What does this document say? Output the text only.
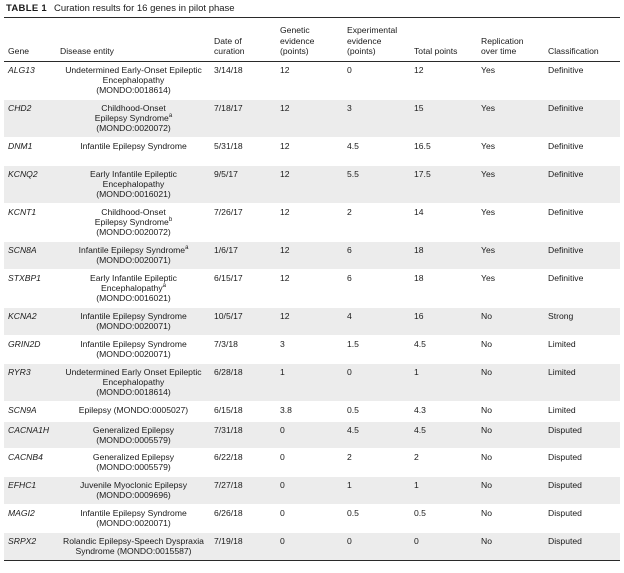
TABLE 1 Curation results for 16 genes in pilot phase
Gene	Disease entity	Date of curation	Genetic evidence (points)	Experimental evidence (points)	Total points	Replication over time	Classification
ALG13	Undetermined Early-Onset Epileptic
Encephalopathy
(MONDO:0018614)	3/14/18	12	0	12	Yes	Definitive
CHD2	Childhood-Onset
Epilepsy Syndrome$^a$
(MONDO:0020072)	7/18/17	12	3	15	Yes	Definitive
DNM1	Infantile Epilepsy Syndrome	5/31/18	12	4.5	16.5	Yes	Definitive
KCNQ2	Early Infantile Epileptic
Encephalopathy
(MONDO:0016021)	9/5/17	12	5.5	17.5	Yes	Definitive
KCNT1	Childhood-Onset
Epilepsy Syndrome$^b$
(MONDO:0020072)	7/26/17	12	2	14	Yes	Definitive
SCN8A	Infantile Epilepsy Syndrome$^a$
(MONDO:0020071)	1/6/17	12	6	18	Yes	Definitive
STXBP1	Early Infantile Epileptic
Encephalopathy$^a$
(MONDO:0016021)	6/15/17	12	6	18	Yes	Definitive
KCNA2	Infantile Epilepsy Syndrome
(MONDO:0020071)	10/5/17	12	4	16	No	Strong
GRIN2D	Infantile Epilepsy Syndrome
(MONDO:0020071)	7/3/18	3	1.5	4.5	No	Limited
RYR3	Undetermined Early Onset Epileptic
Encephalopathy
(MONDO:0018614)	6/28/18	1	0	1	No	Limited
SCN9A	Epilepsy (MONDO:0005027)	6/15/18	3.8	0.5	4.3	No	Limited
CACNA1H	Generalized Epilepsy
(MONDO:0005579)	7/31/18	0	4.5	4.5	No	Disputed
CACNB4	Generalized Epilepsy
(MONDO:0005579)	6/22/18	0	2	2	No	Disputed
EFHC1	Juvenile Myoclonic Epilepsy
(MONDO:0009696)	7/27/18	0	1	1	No	Disputed
MAGI2	Infantile Epilepsy Syndrome
(MONDO:0020071)	6/26/18	0	0.5	0.5	No	Disputed
SRPX2	Rolandic Epilepsy-Speech Dyspraxia
Syndrome (MONDO:0015587)	7/19/18	0	0	0	No	Disputed
